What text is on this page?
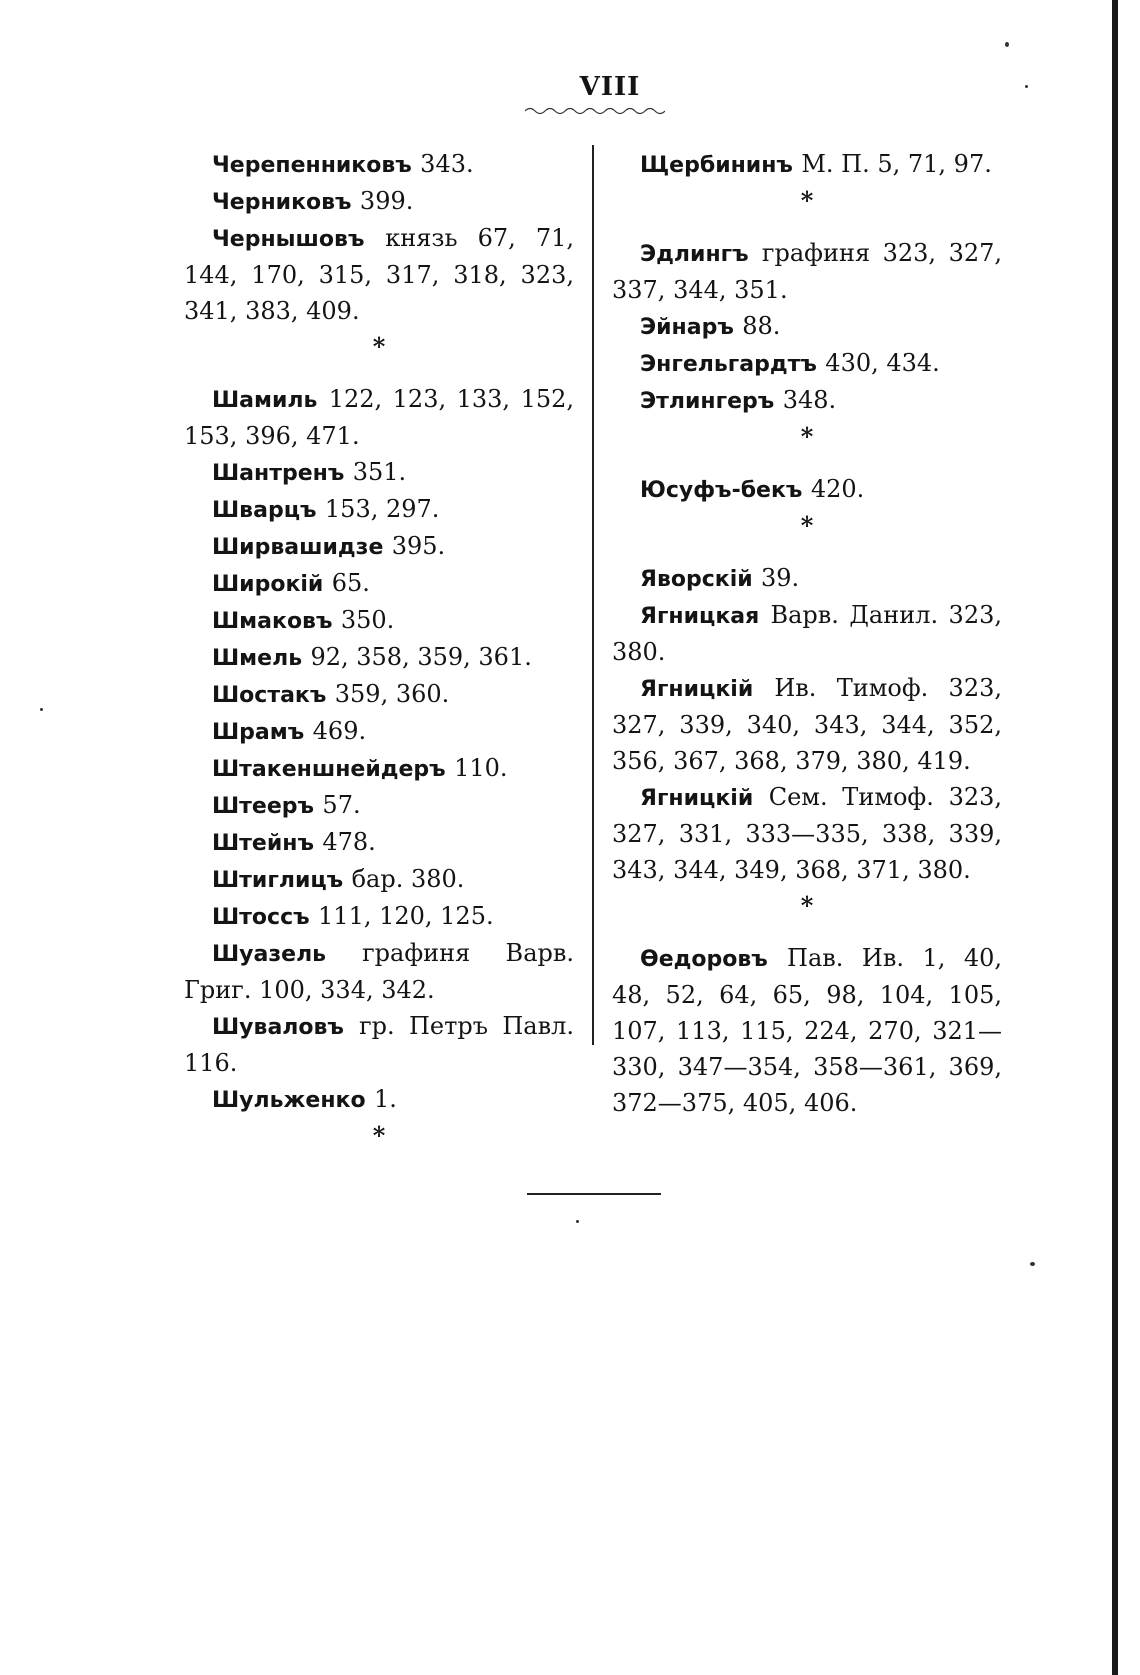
VIII
Черепенниковъ 343.
Черниковъ 399.
Чернышовъ князь 67, 71, 144, 170, 315, 317, 318, 323, 341, 383, 409.
*
Шамиль 122, 123, 133, 152, 153, 396, 471.
Шантренъ 351.
Шварцъ 153, 297.
Ширвашидзе 395.
Широкій 65.
Шмаковъ 350.
Шмель 92, 358, 359, 361.
Шостакъ 359, 360.
Шрамъ 469.
Штакеншнейдеръ 110.
Штееръ 57.
Штейнъ 478.
Штиглицъ бар. 380.
Штоссъ 111, 120, 125.
Шуазель графиня Варв. Григ. 100, 334, 342.
Шуваловъ гр. Петръ Павл. 116.
Шульженко 1.
*
Щербининъ М. П. 5, 71, 97.
*
Эдлингъ графиня 323, 327, 337, 344, 351.
Эйнаръ 88.
Энгельгардтъ 430, 434.
Этлингеръ 348.
*
Юсуфъ-бекъ 420.
*
Яворскій 39.
Ягницкая Варв. Данил. 323, 380.
Ягницкій Ив. Тимоф. 323, 327, 339, 340, 343, 344, 352, 356, 367, 368, 379, 380, 419.
Ягницкій Сем. Тимоф. 323, 327, 331, 333—335, 338, 339, 343, 344, 349, 368, 371, 380.
*
Ѳедоровъ Пав. Ив. 1, 40, 48, 52, 64, 65, 98, 104, 105, 107, 113, 115, 224, 270, 321—330, 347—354, 358—361, 369, 372—375, 405, 406.
